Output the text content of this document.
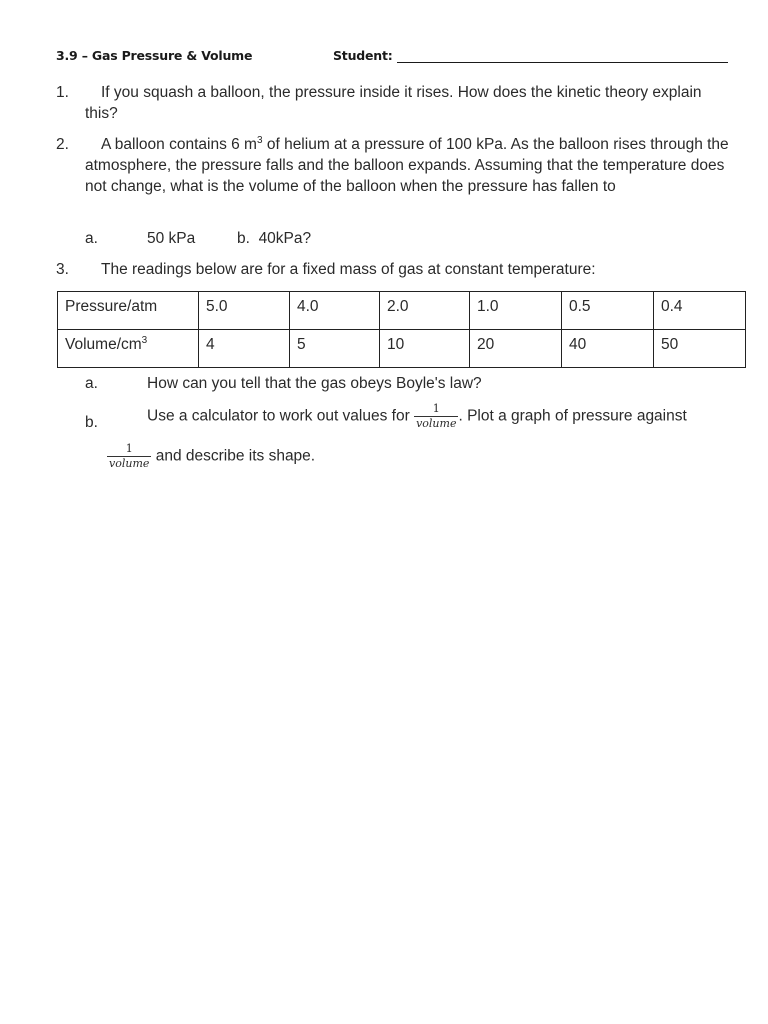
3.9 – Gas Pressure & Volume	Student:
1.	If you squash a balloon, the pressure inside it rises. How does the kinetic theory explain this?
2.	A balloon contains 6 $m^3$ of helium at a pressure of 100 kPa. As the balloon rises through the atmosphere, the pressure falls and the balloon expands. Assuming that the temperature does not change, what is the volume of the balloon when the pressure has fallen to
a.	50 kPa	b. 40kPa?
3.	The readings below are for a fixed mass of gas at constant temperature:
Pressure/atm	5.0	4.0	2.0	1.0	0.5	0.4
Volume/$cm^3$	4	5	10	20	40	50
a.	How can you tell that the gas obeys Boyle's law?
b.	Use a calculator to work out values for $\frac{1}{\text{volume}}$ . Plot a graph of pressure against
$\frac{1}{\text{volume}}$ and describe its shape.
